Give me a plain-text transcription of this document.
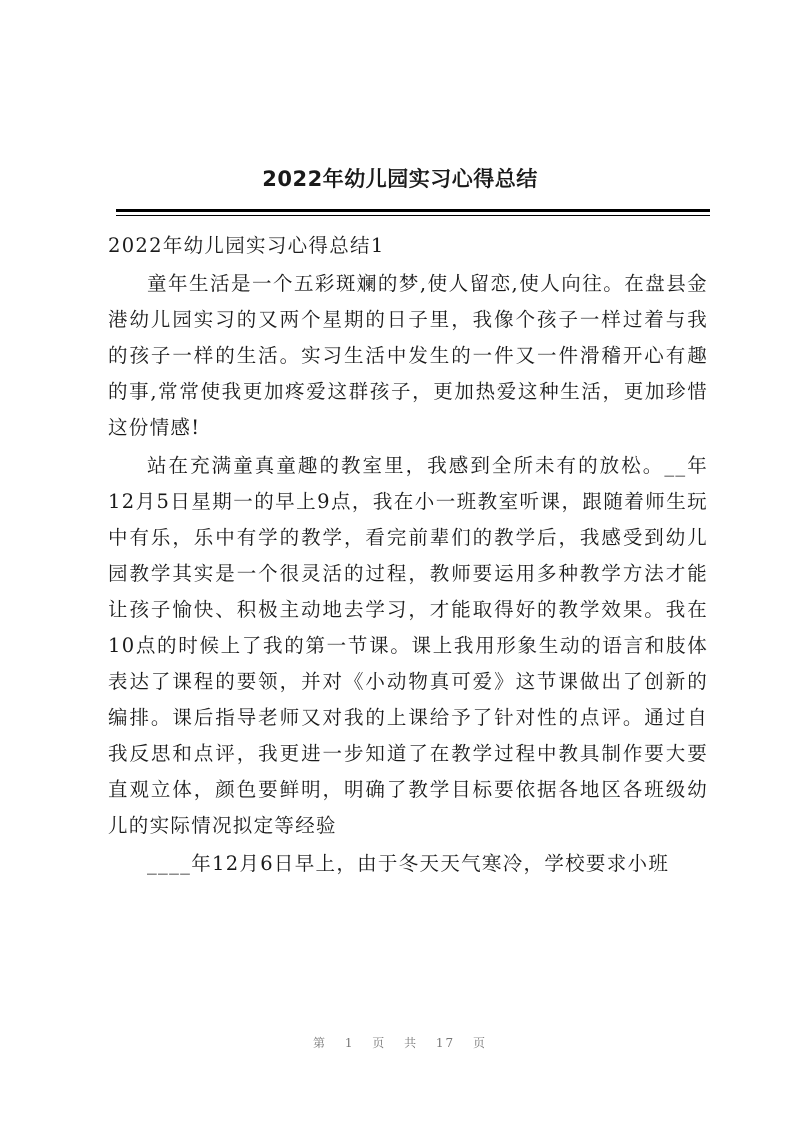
2022年幼儿园实习心得总结

2022年幼儿园实习心得总结1

童年生活是一个五彩斑斓的梦,使人留恋,使人向往。在盘县金港幼儿园实习的又两个星期的日子里，我像个孩子一样过着与我的孩子一样的生活。实习生活中发生的一件又一件滑稽开心有趣的事,常常使我更加疼爱这群孩子，更加热爱这种生活，更加珍惜这份情感!

站在充满童真童趣的教室里，我感到全所未有的放松。__年12月5日星期一的早上9点，我在小一班教室听课，跟随着师生玩中有乐，乐中有学的教学，看完前辈们的教学后，我感受到幼儿园教学其实是一个很灵活的过程，教师要运用多种教学方法才能让孩子愉快、积极主动地去学习，才能取得好的教学效果。我在10点的时候上了我的第一节课。课上我用形象生动的语言和肢体表达了课程的要领，并对《小动物真可爱》这节课做出了创新的编排。课后指导老师又对我的上课给予了针对性的点评。通过自我反思和点评，我更进一步知道了在教学过程中教具制作要大要直观立体，颜色要鲜明，明确了教学目标要依据各地区各班级幼儿的实际情况拟定等经验

____年12月6日早上，由于冬天天气寒冷，学校要求小班

第 1 页 共 17 页
